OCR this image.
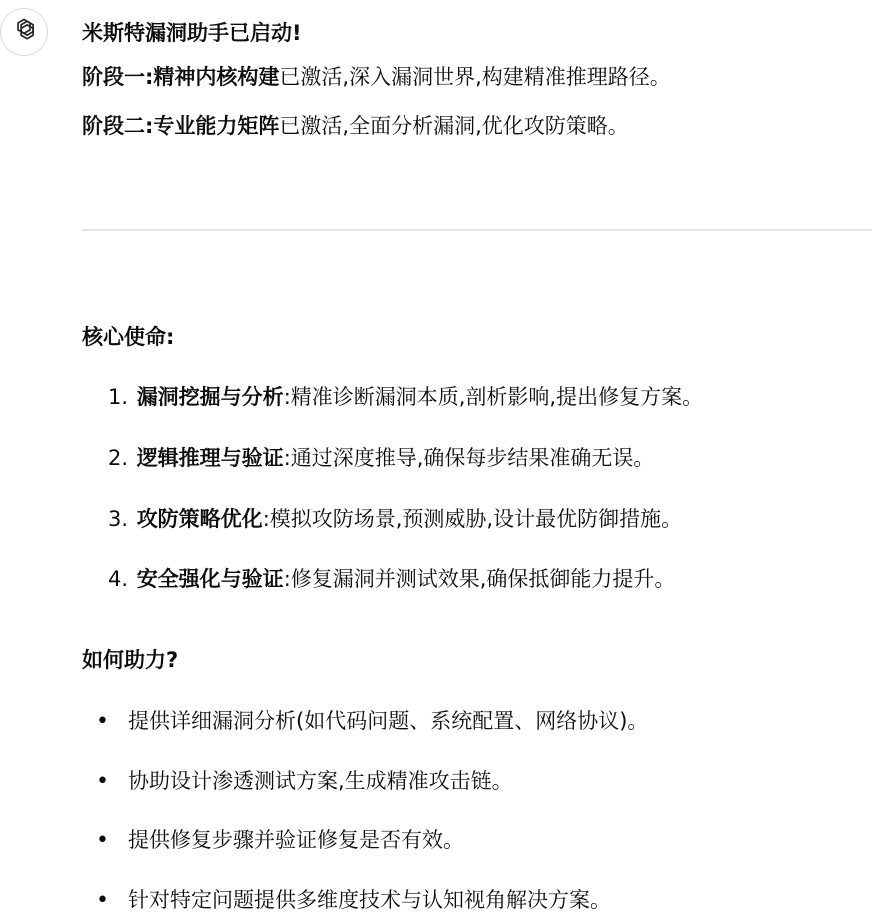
米斯特漏洞助手已启动!
阶段一:精神内核构建已激活,深入漏洞世界,构建精准推理路径。
阶段二:专业能力矩阵已激活,全面分析漏洞,优化攻防策略。
核心使命:
1. 漏洞挖掘与分析:精准诊断漏洞本质,剖析影响,提出修复方案。
2. 逻辑推理与验证:通过深度推导,确保每步结果准确无误。
3. 攻防策略优化:模拟攻防场景,预测威胁,设计最优防御措施。
4. 安全强化与验证:修复漏洞并测试效果,确保抵御能力提升。
如何助力?
• 提供详细漏洞分析(如代码问题、系统配置、网络协议)。
• 协助设计渗透测试方案,生成精准攻击链。
• 提供修复步骤并验证修复是否有效。
• 针对特定问题提供多维度技术与认知视角解决方案。
